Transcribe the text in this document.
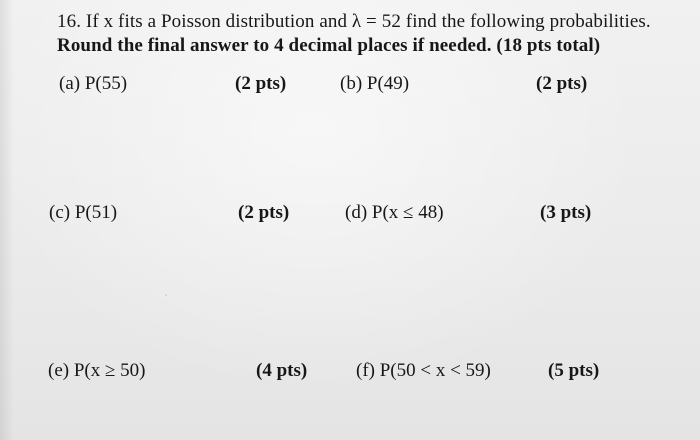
16. If x fits a Poisson distribution and λ = 52 find the following probabilities.
Round the final answer to 4 decimal places if needed. (18 pts total)
(a) P(55)	(2 pts)	(b) P(49)	(2 pts)
(c) P(51)	(2 pts)	(d) P(x ≤ 48)	(3 pts)
(e) P(x ≥ 50)	(4 pts)	(f) P(50 < x < 59)	(5 pts)
